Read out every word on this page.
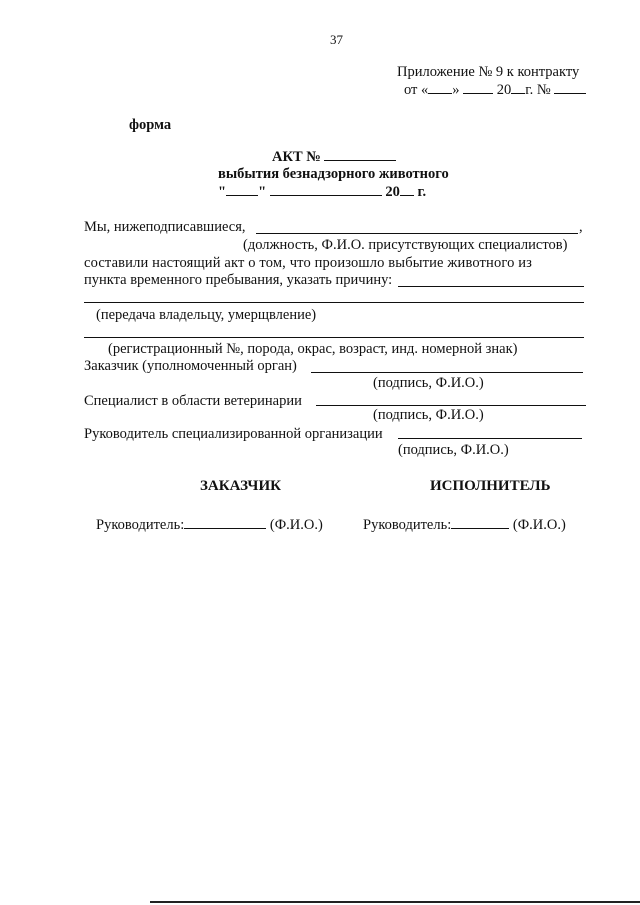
37
Приложение № 9 к контракту
от « »	20 г. №
форма
АКТ №
выбытия безнадзорного животного
" "	20 г.
Мы, нижеподписавшиеся,	,
(должность, Ф.И.О. присутствующих специалистов)
составили настоящий акт о том, что произошло выбытие животного из
пункта временного пребывания, указать причину:
(передача владельцу, умерщвление)
(регистрационный №, порода, окрас, возраст, инд. номерной знак)
Заказчик (уполномоченный орган)
(подпись, Ф.И.О.)
Специалист в области ветеринарии
(подпись, Ф.И.О.)
Руководитель специализированной организации
(подпись, Ф.И.О.)
ЗАКАЗЧИК	ИСПОЛНИТЕЛЬ
Руководитель:	(Ф.И.О.)	Руководитель:	(Ф.И.О.)
